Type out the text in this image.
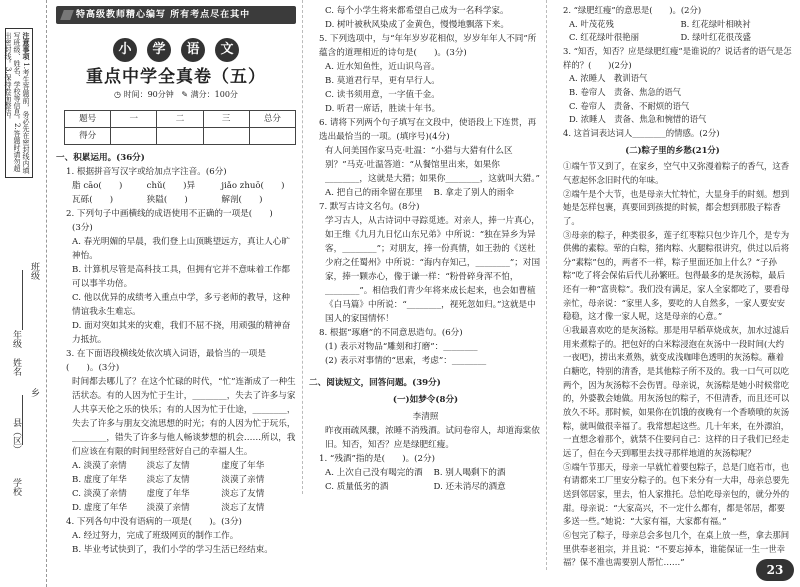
注意事项 1.考生答题前，务必先在密封线内填写班级、姓名、学校等信息。2.答题时请勿超出密封线。3.保持卷面整洁。
年级
班级
姓名
县（区）
乡
学校
特高级教师精心编写 所有考点尽在其中
小	学	语	文
重点中学全真卷（五）
◷ 时间：90分钟 ✎ 满分：100分
题号	一	二	三	总分
得分				

一、积累运用。(36分)

1. 根据拼音写汉字或给加点字注音。(6分)

脂 cāo(　　)	chǔ(　　)异	jiǎo zhuō(　　)
瓦砾(　　)	狭隘(　　)	解剖(　　)

2. 下列句子中画横线的成语使用不正确的一项是(　　)

(3分)

A. 春光明媚的早晨，我们登上山顶眺望远方，真让人心旷神怡。

B. 计算机尽管是高科技工具，但拥有它并不意味着工作都可以事半功倍。

C. 他以优异的成绩考入重点中学，多亏老师的教导，这种情谊我永生难忘。

D. 面对突如其来的灾难，我们不屈不挠，用顽强的精神奋力抵抗。

3. 在下面语段横线处依次填入词语，最恰当的一项是(　　)。(3分)

时间都去哪儿了？在这个忙碌的时代，“忙”连渐成了一种生活状态。有的人因为忙于生计，________，失去了许多与家人共享天伦之乐的快乐；有的人因为忙于仕途，________，失去了许多与朋友交流思想的时光；有的人因为忙于玩乐，________，错失了许多与他人畅谈梦想的机会……所以，我们应该在有限的时间里经营好自己的幸福人生。

A. 淡漠了亲情	淡忘了友情	虚度了年华
B. 虚度了年华	淡忘了友情	淡漠了亲情
C. 淡漠了亲情	虚度了年华	淡忘了友情
D. 虚度了年华	淡漠了亲情	淡忘了友情

4. 下列各句中没有语病的一项是(　　)。(3分)

A. 经过努力，完成了班级网页的制作工作。

B. 毕业考试快到了，我们小学的学习生活已经结束。

C. 每个小学生将来都希望自己成为一名科学家。

D. 树叶被秋风染成了金黄色，慢慢地飘落下来。

5. 下列选项中，与“年年岁岁花相似，岁岁年年人不同”所蕴含的道理相近的诗句是(　　)。(3分)

A. 近水知鱼性，近山识鸟音。

B. 莫道君行早，更有早行人。

C. 读书须用意，一字值千金。

D. 听君一席话，胜读十年书。

6. 请将下列两个句子填写在文段中，使语段上下连贯，再选出最恰当的一项。(填序号)(4分)

有人问美国作家马克·吐温：“小猎与大猎有什么区别？”马克·吐温答道：“从餐馆里出来，如果你________，这就是大猎；如果你________，这就叫大猎。”

A. 把自己的雨伞留在那里	B. 拿走了别人的雨伞

7. 默写古诗文名句。(8分)

学习古人，从古诗词中寻踪觅迹。对亲人，捧一片真心，如王维《九月九日忆山东兄弟》中所说：“独在异乡为异客，________”；对朋友，捧一份真情，如王勃的《送杜少府之任蜀州》中所说：“海内存知己，________”；对国家，捧一颗赤心，像于谦一样：“粉骨碎身浑不怕，________”。相信我们青少年将来成长起来，也会如曹植《白马篇》中所说：“________，视死忽如归。”这就是中国人的家国情怀！

8. 根据“琢磨”的不同意思造句。(6分)

(1) 表示对物品“雕刻和打磨”：________

(2) 表示对事情的“思索，考虑”：________

二、阅读短文，回答问题。(39分)

(一)如梦令(8分)

李清照

昨夜雨疏风骤，浓睡不消残酒。试问卷帘人，却道海棠依旧。知否，知否？应是绿肥红瘦。

1. “残酒”指的是(　　)。(2分)

A. 上次自己没有喝完的酒	B. 别人喝剩下的酒
C. 质量低劣的酒	D. 还未消尽的酒意

2. “绿肥红瘦”的意思是(　　)。(2分)

A. 叶茂花残	B. 红花绿叶相映衬
C. 红花绿叶很艳丽	D. 绿叶红花很茂盛

3. “知否，知否？应是绿肥红瘦”是谁说的？说话者的语气是怎样的？(　　)(2分)

A. 浓睡人　教训语气

B. 卷帘人　责备、焦急的语气

C. 卷帘人　责备、不耐烦的语气

D. 浓睡人　责备、焦急和惋惜的语气

4. 这首词表达词人________的情感。(2分)

(二)粽子里的乡愁(21分)

①端午节又到了，在家乡，空气中又弥漫着粽子的香气，这香气惹起怀念旧时代的年味。

②端午是个大节，也是母亲大忙特忙，大显身手的时刻。想到她是怎样包裹，真要回到孩提的时候，都会想到那股子粽香了。

③母亲的粽子，种类很多，莲子红枣粽只包少许几个，是专为供佛的素粽。荤的白粽，猪肉粽、火腿粽很讲究，供过以后将分“素粽”包的，两者不一样，粽子里面还加上什么？“子孙粽”吃了将会保佑后代儿孙繁旺。包得最多的是灰汤粽，最后还有一种“富贵粽”。我们没有满足，家人全家都吃了，要看母亲忙，母亲说：“家里人多，要吃的人自然多，一家人要安安稳稳，这才像一家人呢，这是母亲的心意。”

④我最喜欢吃的是灰汤粽。那是用早稻草烧成灰，加水过滤后用来煮粽子的。把包好的白米粽浸泡在灰汤中一段时间(大约一夜吧)，捞出来煮熟，就变成浅咖啡色透明的灰汤粽。蘸着白糖吃，特别的清香，是其他粽子所不及的。我一口气可以吃两个，因为灰汤粽不会伤胃。母亲说，灰汤粽是她小时候常吃的，外婆教会她做。用灰汤包的粽子，不但清香，而且还可以放久不坏。那时候，如果你在饥饿的夜晚有一个香喷喷的灰汤粽，就叫做很幸福了。我常想起这些。几十年来，在外漂泊，一直想念着那个，就禁不住要问自己：这样的日子我们已经走远了，但在今天到哪里去找寻那样地道的灰汤粽呢？

⑤端午节那天，母亲一早就忙着要包粽子，总是门庭若市，也有请都来工厂里安分粽子的。包下来分有一大串，母亲总要先送到邻居家，里去，怕人家推托。总怕吃母亲包的，就分外的甜。母亲说：“大家高兴，不一定什么都有，都是邻居，都要多送一些。”她说：“大家有福，大家都有福。”

⑥包完了粽子，母亲总会多包几个，在桌上放一些，拿去那间里供奉老祖宗，并且说：“不要忘掉本，谁能保证一生一世幸福？保不准也需要别人帮忙……”

23
